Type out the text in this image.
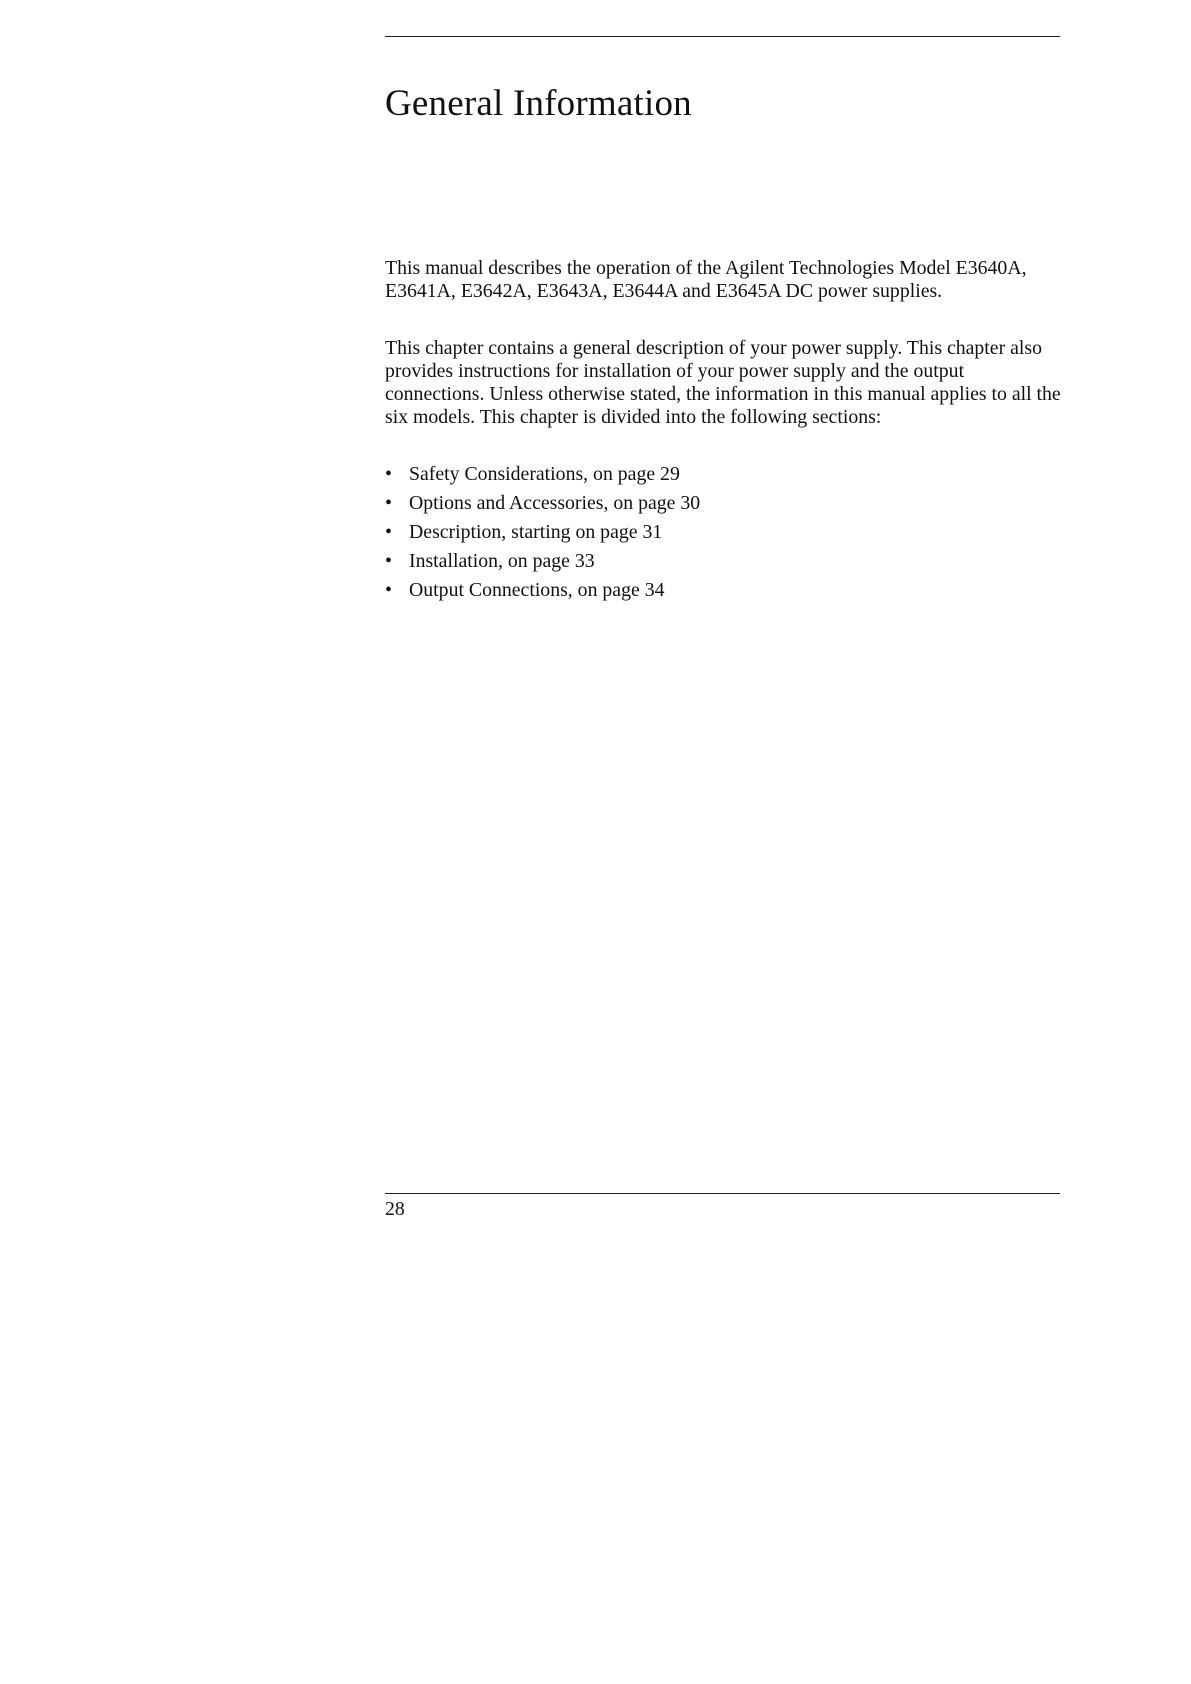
General Information

This manual describes the operation of the Agilent Technologies Model E3640A, E3641A, E3642A, E3643A, E3644A and E3645A DC power supplies.

This chapter contains a general description of your power supply. This chapter also provides instructions for installation of your power supply and the output connections. Unless otherwise stated, the information in this manual applies to all the six models. This chapter is divided into the following sections:

• Safety Considerations, on page 29
• Options and Accessories, on page 30
• Description, starting on page 31
• Installation, on page 33
• Output Connections, on page 34
28
